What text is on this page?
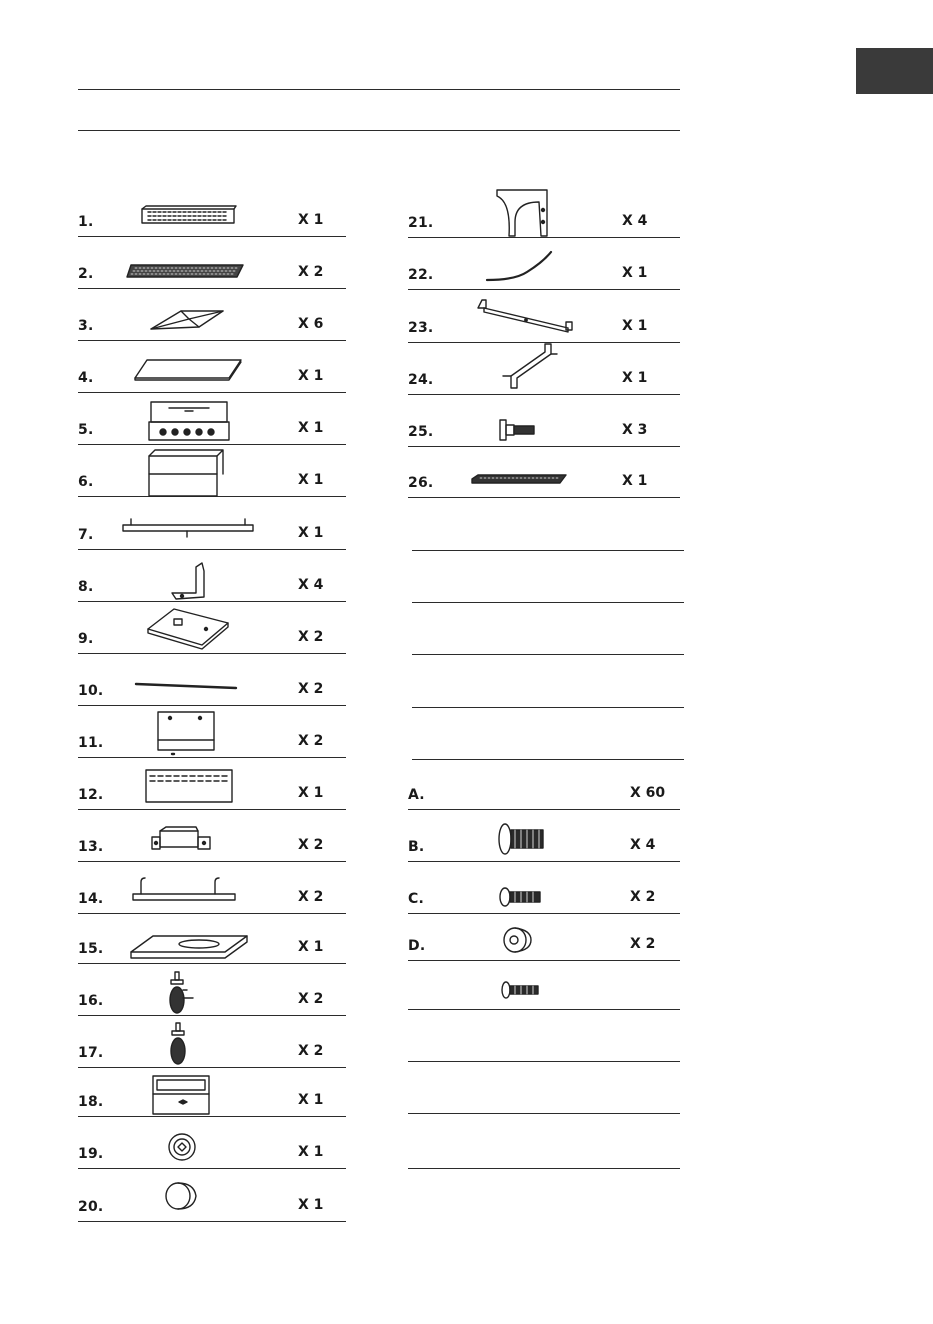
1.	X 1
2.	X 2
3.	X 6
4.	X 1
5.	X 1
6.	X 1
7.	X 1
8.	X 4
9.	X 2
10.	X 2
11.	X 2
12.	X 1
13.	X 2
14.	X 2
15.	X 1
16.	X 2
17.	X 2
18.	X 1
19.	X 1
20.	X 1
21.	X 4
22.	X 1
23.	X 1
24.	X 1
25.	X 3
26.	X 1
A.	X 60
B.	X 4
C.	X 2
D.	X 2
